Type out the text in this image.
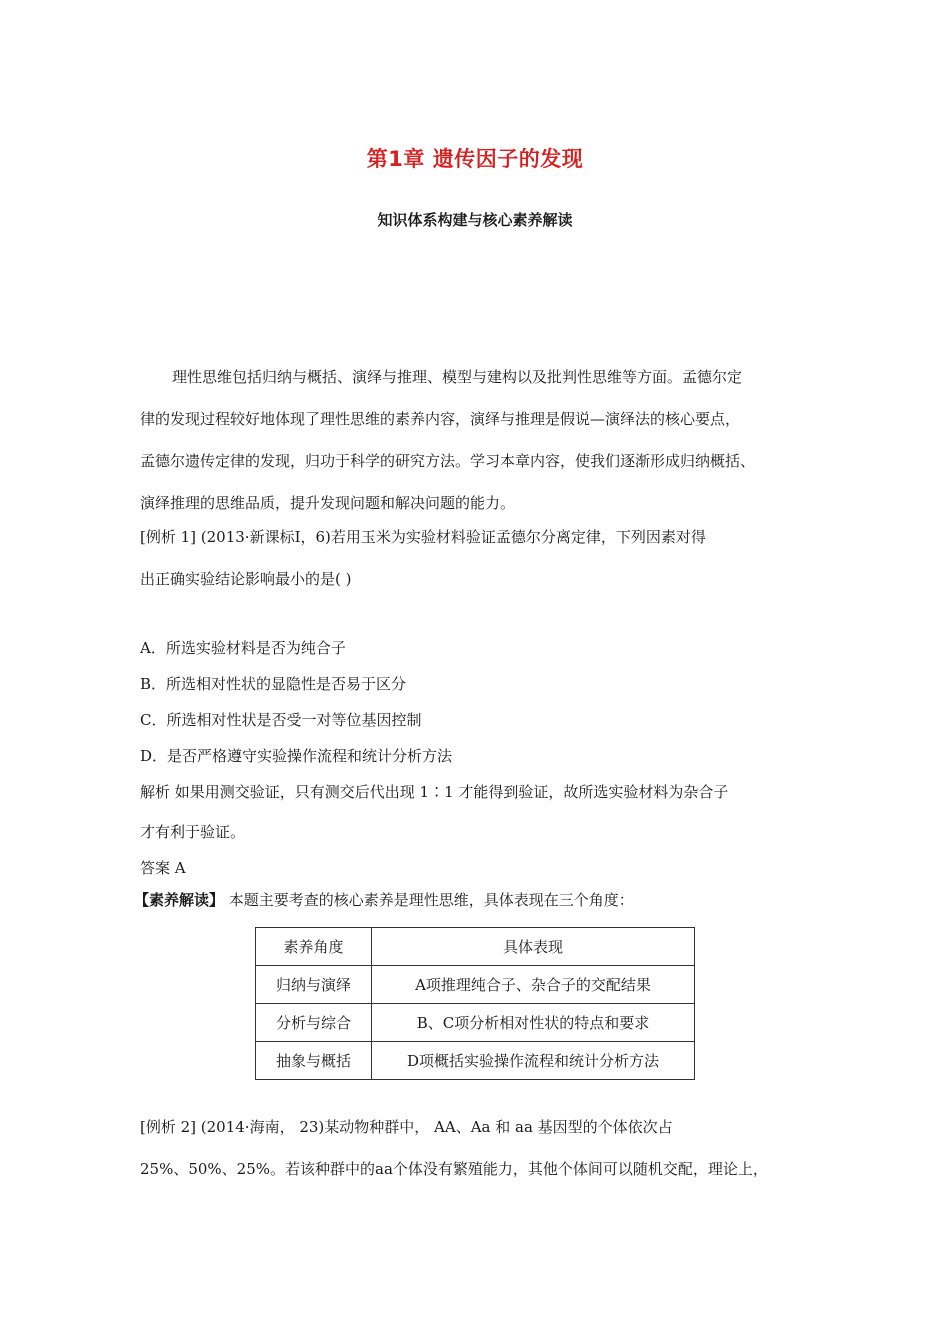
第1章 遗传因子的发现
知识体系构建与核心素养解读
理性思维包括归纳与概括、演绎与推理、模型与建构以及批判性思维等方面。孟德尔定
律的发现过程较好地体现了理性思维的素养内容，演绎与推理是假说—演绎法的核心要点，
孟德尔遗传定律的发现，归功于科学的研究方法。学习本章内容，使我们逐渐形成归纳概括、
演绎推理的思维品质，提升发现问题和解决问题的能力。
[例析 1] (2013·新课标Ⅰ，6)若用玉米为实验材料验证孟德尔分离定律，下列因素对得
出正确实验结论影响最小的是( )
A．所选实验材料是否为纯合子
B．所选相对性状的显隐性是否易于区分
C．所选相对性状是否受一对等位基因控制
D．是否严格遵守实验操作流程和统计分析方法
解析 如果用测交验证，只有测交后代出现 1∶1 才能得到验证，故所选实验材料为杂合子
才有利于验证。
答案 A
【素养解读】 本题主要考查的核心素养是理性思维，具体表现在三个角度：
素养角度	具体表现
归纳与演绎	A项推理纯合子、杂合子的交配结果
分析与综合	B、C项分析相对性状的特点和要求
抽象与概括	D项概括实验操作流程和统计分析方法
[例析 2] (2014·海南， 23)某动物种群中， AA、Aa 和 aa 基因型的个体依次占
25%、50%、25%。若该种群中的aa个体没有繁殖能力，其他个体间可以随机交配，理论上，
